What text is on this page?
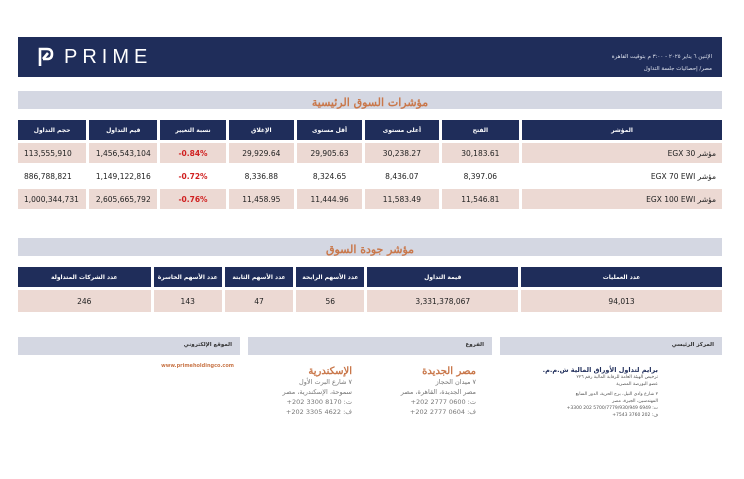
PRIME	الإثنين ٦ يناير ٢٠٢٥ - ٣:٠٠ م بتوقيت القاهرة
مصر/ إحصائيات جلسة التداول
مؤشرات السوق الرئيسية
حجم التداول	قيم التداول	نسبة التغيير	الإغلاق	أقل مستوى	أعلى مستوى	الفتح	المؤشر
113,555,910	1,456,543,104	-0.84%	29,929.64	29,905.63	30,238.27	30,183.61	مؤشر EGX 30
886,788,821	1,149,122,816	-0.72%	8,336.88	8,324.65	8,436.07	8,397.06	مؤشر EGX 70 EWI
1,000,344,731	2,605,665,792	-0.76%	11,458.95	11,444.96	11,583.49	11,546.81	مؤشر EGX 100 EWI
مؤشر جودة السوق
عدد الشركات المتداولة	عدد الأسهم الخاسرة	عدد الأسهم الثابتة	عدد الأسهم الرابحة	قيمة التداول	عدد العمليات
246	143	47	56	3,331,378,067	94,013
الموقع الإلكتروني	الفروع	المركز الرئيسي
www.primeholdingco.com	الإسكندرية
٧ شارع البرت الأول
سموحة، الإسكندرية، مصر
ت: 8170 3300 202+
ف: 4622 3305 202+
مصر الجديدة
٧ ميدان الحجاز
مصر الجديدة، القاهرة، مصر
ت: 0600 2777 202+
ف: 0604 2777 202+
برايم لتداول الأوراق المالية ش.م.م.
ترخيص الهيئة العامة للرقابة المالية رقم ٢٢٦
عضو البورصة المصرية
٢ شارع وادي النيل، برج الحرية، الدور السابع
المهندسين، الجيزة، مصر
ت: 6949 5700/7779/930/949 202 3300+
ف: 202 3760 7543+
